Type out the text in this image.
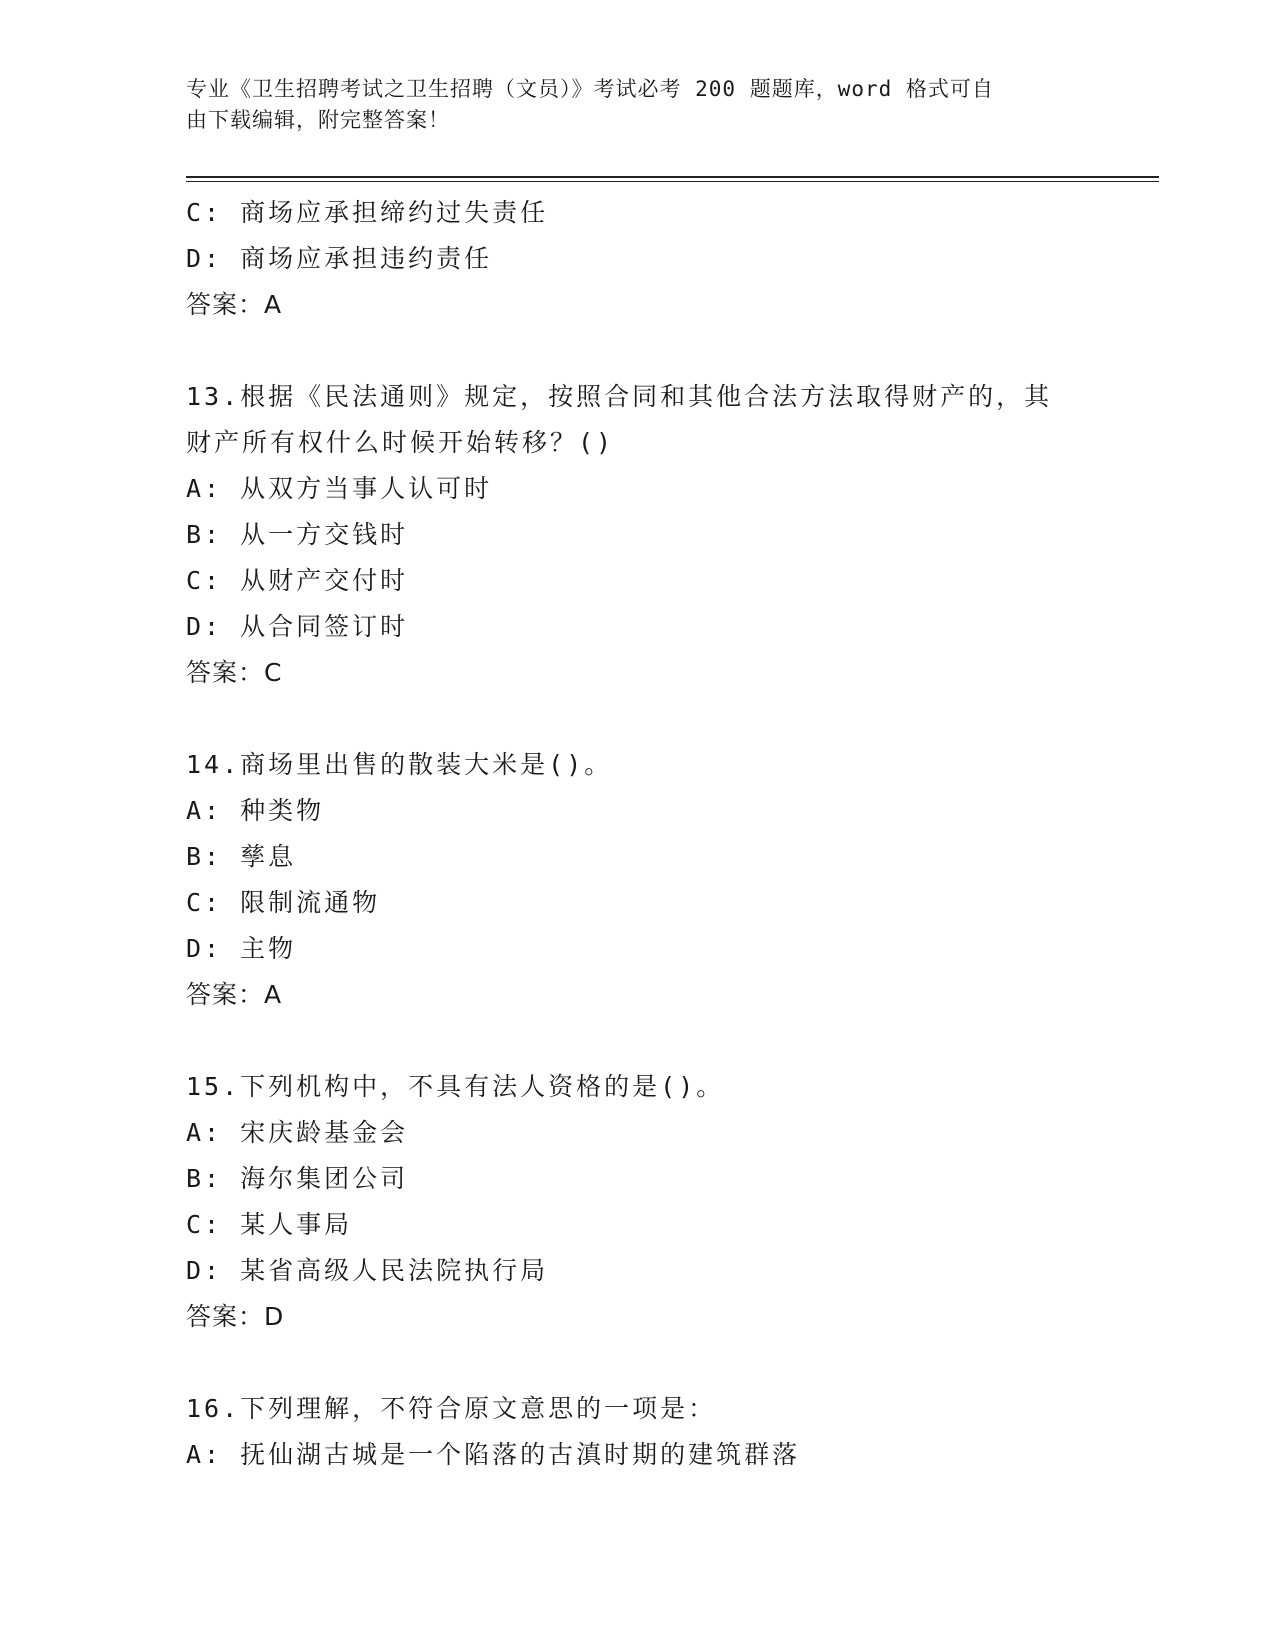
专业《卫生招聘考试之卫生招聘（文员）》考试必考 200 题题库，word 格式可自
由下载编辑，附完整答案！
C: 商场应承担缔约过失责任
D: 商场应承担违约责任
答案：A
13.根据《民法通则》规定，按照合同和其他合法方法取得财产的，其
财产所有权什么时候开始转移？()
A: 从双方当事人认可时
B: 从一方交钱时
C: 从财产交付时
D: 从合同签订时
答案：C
14.商场里出售的散装大米是()。
A: 种类物
B: 孳息
C: 限制流通物
D: 主物
答案：A
15.下列机构中，不具有法人资格的是()。
A: 宋庆龄基金会
B: 海尔集团公司
C: 某人事局
D: 某省高级人民法院执行局
答案：D
16.下列理解，不符合原文意思的一项是：
A: 抚仙湖古城是一个陷落的古滇时期的建筑群落
